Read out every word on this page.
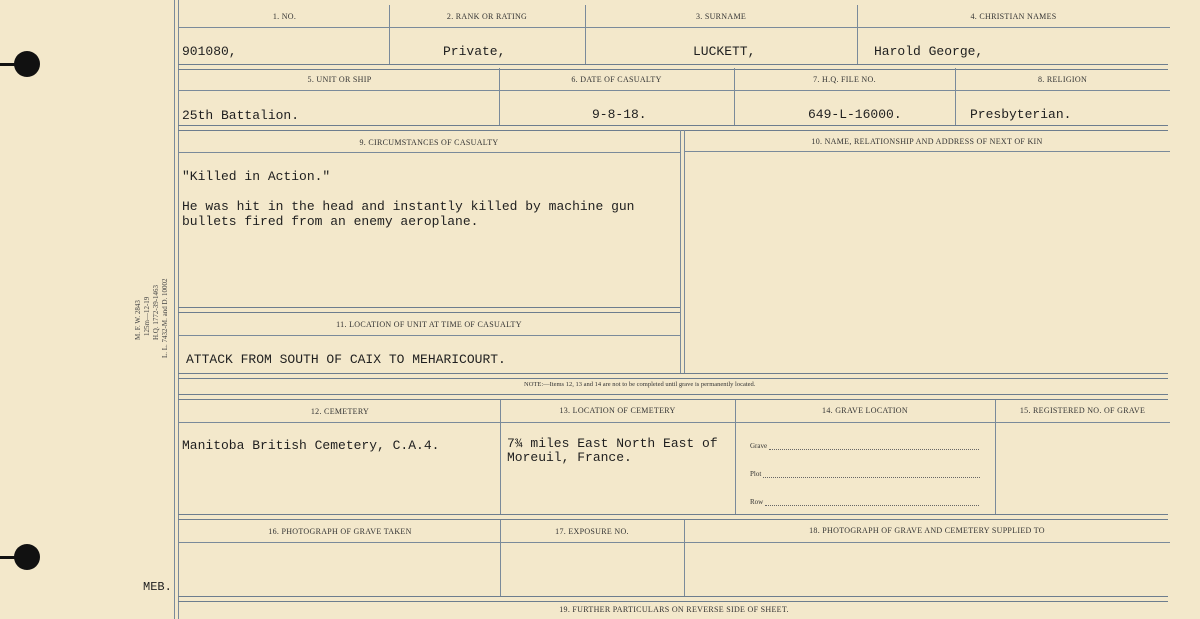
M. F. W. 2843 125m—12-19 H.Q. 1772-39-1463 L. L. 7432-M. and D. 10002
MEB.
1. NO.	2. RANK OR RATING	3. SURNAME	4. CHRISTIAN NAMES
901080,	Private,	LUCKETT,	Harold George,
5. UNIT OR SHIP	6. DATE OF CASUALTY	7. H.Q. FILE NO.	8. RELIGION
25th Battalion.	9-8-18.	649-L-16000.	Presbyterian.
9. CIRCUMSTANCES OF CASUALTY	10. NAME, RELATIONSHIP AND ADDRESS OF NEXT OF KIN
"Killed in Action."
He was hit in the head and instantly killed by machine gun
bullets fired from an enemy aeroplane.
11. LOCATION OF UNIT AT TIME OF CASUALTY
ATTACK FROM SOUTH OF CAIX TO MEHARICOURT.
NOTE:—Items 12, 13 and 14 are not to be completed until grave is permanently located.
12. CEMETERY	13. LOCATION OF CEMETERY	14. GRAVE LOCATION	15. REGISTERED NO. OF GRAVE
Manitoba British Cemetery, C.A.4.	7¾ miles East North East of
Moreuil, France.
Grave
Plot
Row
16. PHOTOGRAPH OF GRAVE TAKEN	17. EXPOSURE NO.	18. PHOTOGRAPH OF GRAVE AND CEMETERY SUPPLIED TO
19. FURTHER PARTICULARS ON REVERSE SIDE OF SHEET.
